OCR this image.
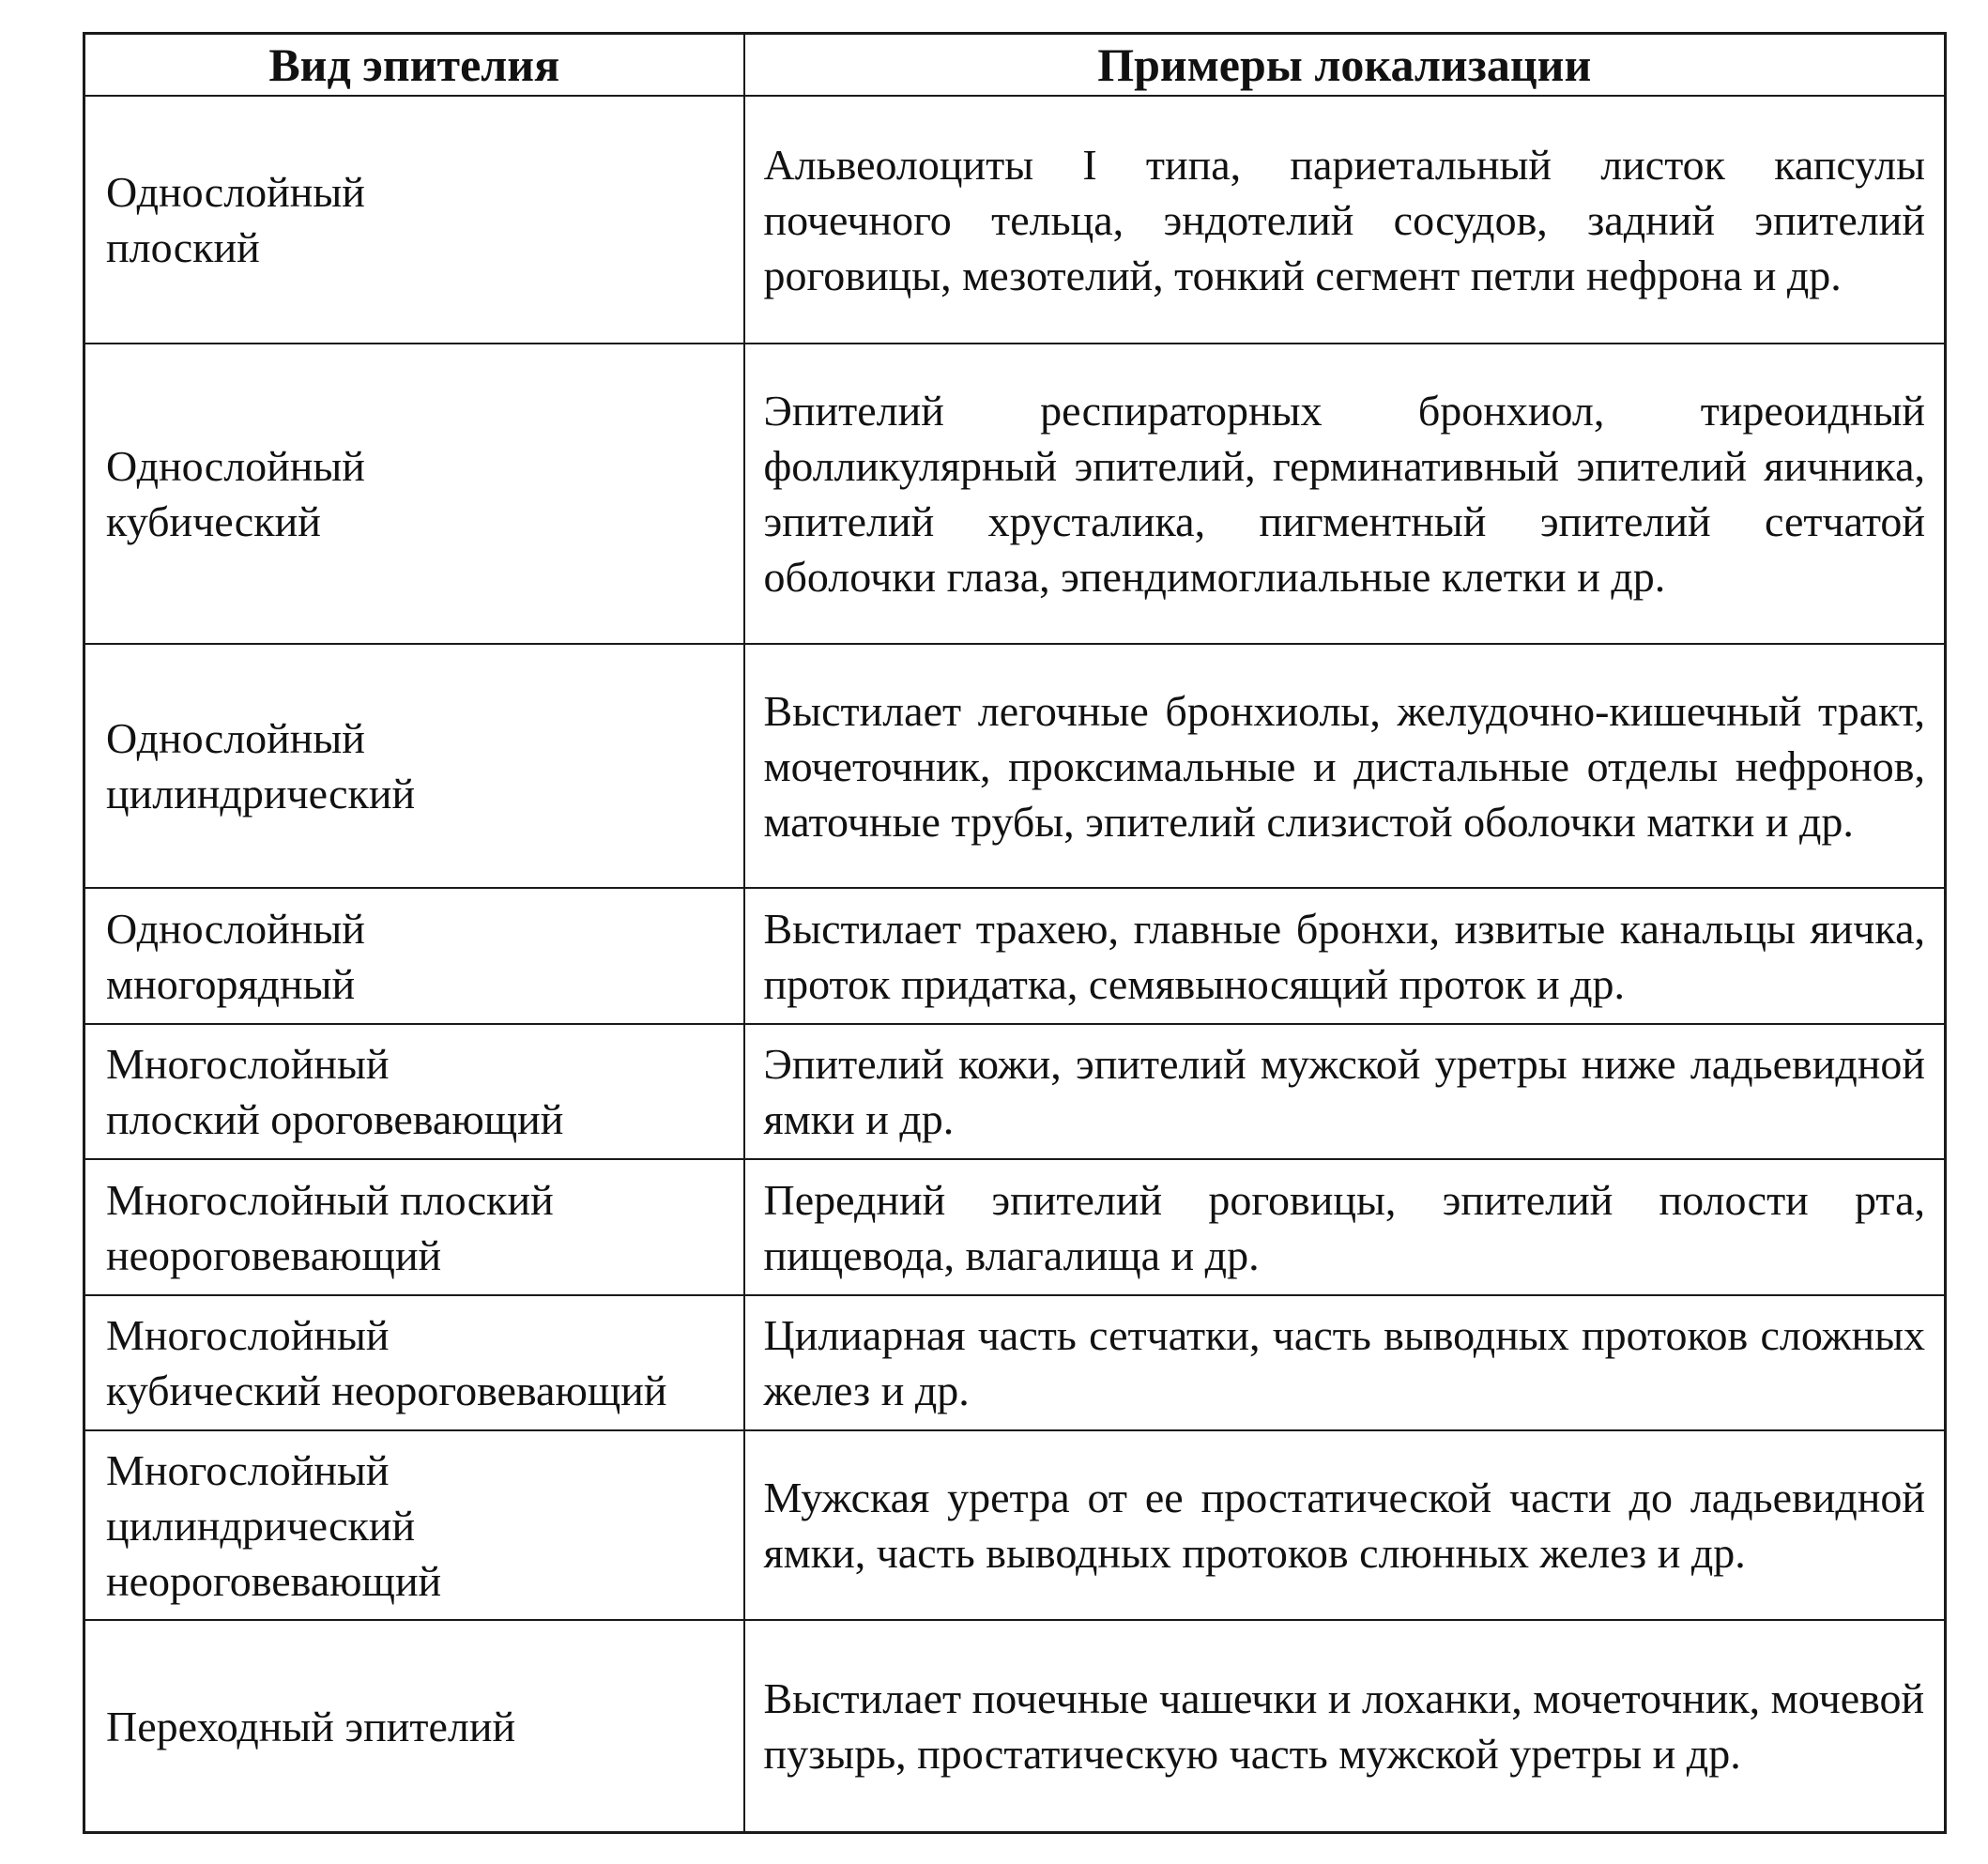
Вид эпителия	Примеры локализации

Однослойный
плоский	Альвеолоциты I типа, париетальный листок капсулы почечного тельца, эндотелий сосудов, задний эпителий роговицы, мезотелий, тонкий сегмент петли нефрона и др.

Однослойный
кубический	Эпителий респираторных бронхиол, тиреоидный фолликулярный эпителий, герминативный эпителий яичника, эпителий хрусталика, пигментный эпителий сетчатой оболочки глаза, эпендимоглиальные клетки и др.

Однослойный
цилиндрический	Выстилает легочные бронхиолы, желудочно-кишечный тракт, мочеточник, проксимальные и дистальные отделы нефронов, маточные трубы, эпителий слизистой оболочки матки и др.

Однослойный
многорядный	Выстилает трахею, главные бронхи, извитые канальцы яичка, проток придатка, семявыносящий проток и др.

Многослойный
плоский ороговевающий	Эпителий кожи, эпителий мужской уретры ниже ладьевидной ямки и др.

Многослойный плоский
неороговевающий	Передний эпителий роговицы, эпителий полости рта, пищевода, влагалища и др.

Многослойный
кубический неороговевающий	Цилиарная часть сетчатки, часть выводных протоков сложных желез и др.

Многослойный
цилиндрический
неороговевающий	Мужская уретра от ее простатической части до ладьевидной ямки, часть выводных протоков слюнных желез и др.

Переходный эпителий	Выстилает почечные чашечки и лоханки, мочеточник, мочевой пузырь, простатическую часть мужской уретры и др.
